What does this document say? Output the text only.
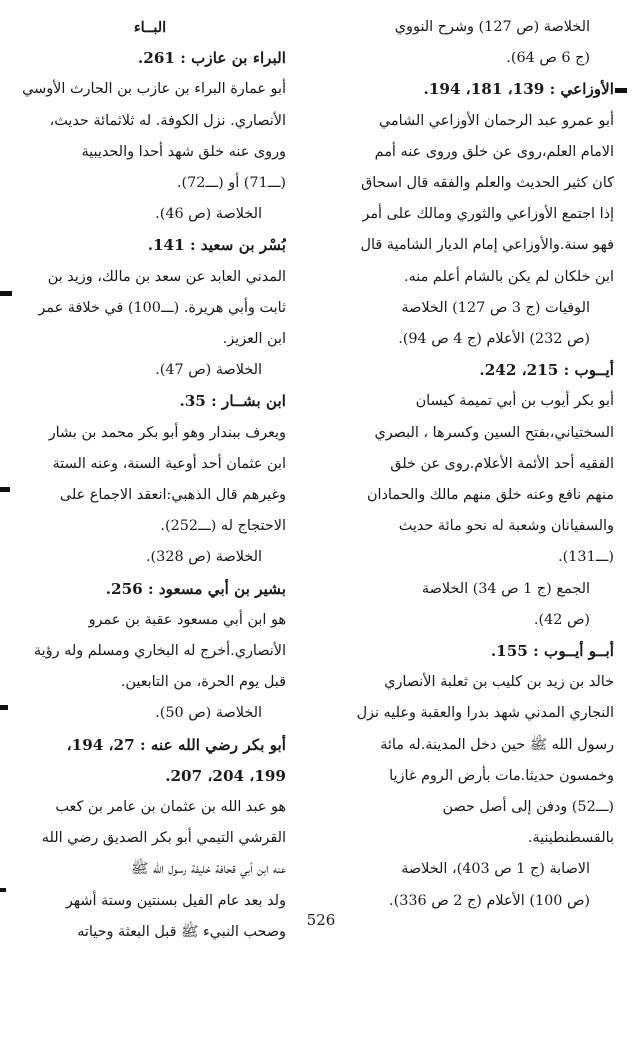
الخلاصة (ص 127) وشرح النووي
(ج 6 ص 64).
الأوزاعي : 139، 181، 194.
أبو عمرو عبد الرحمان الأوزاعي الشامي
الامام العلم،روى عن خلق وروى عنه أمم
كان كثير الحديث والعلم والفقه قال اسحاق
إذا اجتمع الأوزاعي والثوري ومالك على أمر
فهو سنة.والأوزاعي إمام الديار الشامية قال
ابن خلكان لم يكن بالشام أعلم منه.
الوفيات (ج 3 ص 127) الخلاصة
(ص 232) الأعلام (ج 4 ص 94).
أيــوب : 215، 242.
أبو بكر أيوب بن أبي تميمة كيسان
السختياني،بفتح السين وكسرها ، البصري
الفقيه أحد الأئمة الأعلام.روى عن خلق
منهم نافع وعنه خلق منهم مالك والحمادان
والسفيانان وشعبة له نحو مائة حديث
(ـــ131).
الجمع (ج 1 ص 34) الخلاصة
(ص 42).
أبــو أيــوب : 155.
خالد بن زيد بن كليب بن ثعلبة الأنصاري
النجاري المدني شهد بدرا والعقبة وعليه نزل
رسول الله ﷺ حين دخل المدينة.له مائة
وخمسون حديثا.مات بأرض الروم غازيا
(ـــ52) ودفن إلى أصل حصن
بالقسطنطينية.
الاصابة (ج 1 ص 403)، الخلاصة
(ص 100) الأعلام (ج 2 ص 336).
البــاء
البراء بن عازب : 261.
أبو عمارة البراء بن عازب بن الحارث الأوسي
الأنصاري. نزل الكوفة. له ثلاثمائة حديث،
وروى عنه خلق شهد أحدا والحديبية
(ـــ71) أو (ـــ72).
الخلاصة (ص 46).
بُسْر بن سعيد : 141.
المدني العابد عن سعد بن مالك، وزيد بن
ثابت وأبي هريرة. (ـــ100) في خلافة عمر
ابن العزيز.
الخلاصة (ص 47).
ابن بشــار : 35.
ويعرف ببندار وهو أبو بكر محمد بن بشار
ابن عثمان أحد أوعية السنة، وعنه الستة
وغيرهم قال الذهبي:انعقد الاجماع على
الاحتجاج له (ـــ252).
الخلاصة (ص 328).
بشير بن أبي مسعود : 256.
هو ابن أبي مسعود عقبة بن عمرو
الأنصاري.أخرج له البخاري ومسلم وله رؤية
قبل يوم الحرة، من التابعين.
الخلاصة (ص 50).
أبو بكر رضي الله عنه : 27، 194،
199، 204، 207.
هو عبد الله بن عثمان بن عامر بن كعب
القرشي التيمي أبو بكر الصديق رضي الله
عنه ابن أبي قحافة خليفة رسول الله ﷺ
ولد بعد عام الفيل بسنتين وستة أشهر
وصحب النبيء ﷺ قبل البعثة وحياته
526
